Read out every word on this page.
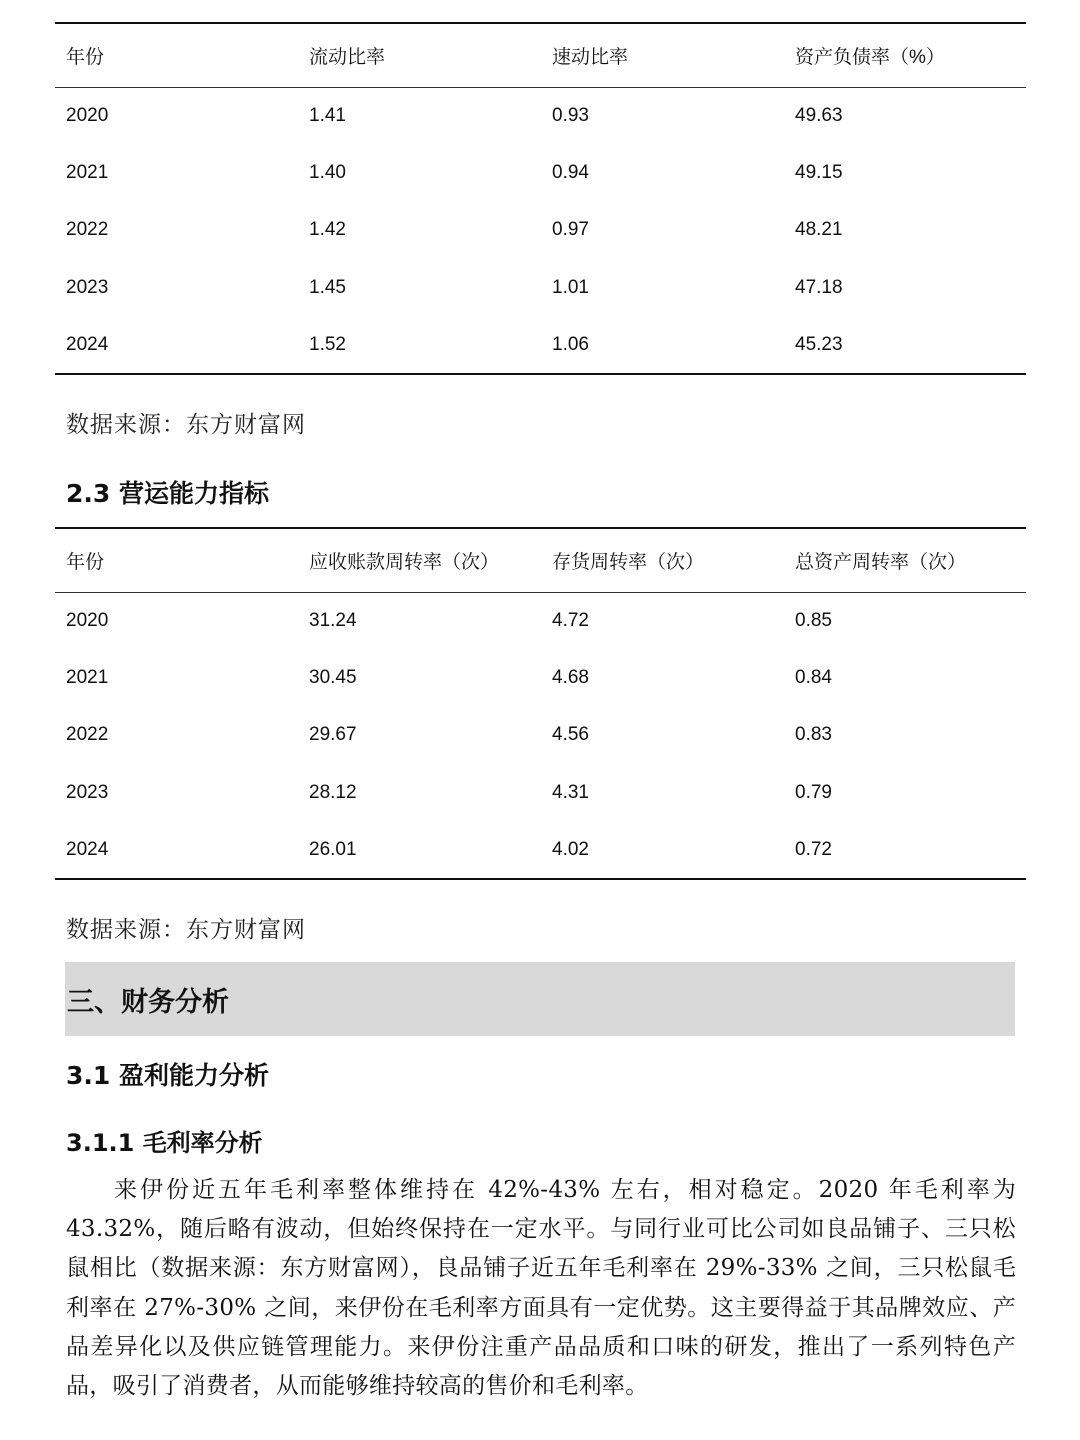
年份	流动比率	速动比率	资产负债率（%）
2020	1.41	0.93	49.63
2021	1.40	0.94	49.15
2022	1.42	0.97	48.21
2023	1.45	1.01	47.18
2024	1.52	1.06	45.23
数据来源：东方财富网
2.3 营运能力指标
年份	应收账款周转率（次）	存货周转率（次）	总资产周转率（次）
2020	31.24	4.72	0.85
2021	30.45	4.68	0.84
2022	29.67	4.56	0.83
2023	28.12	4.31	0.79
2024	26.01	4.02	0.72
数据来源：东方财富网
三、财务分析
3.1 盈利能力分析
3.1.1 毛利率分析
来伊份近五年毛利率整体维持在 42%-43% 左右，相对稳定。2020 年毛利率为 43.32%，随后略有波动，但始终保持在一定水平。与同行业可比公司如良品铺子、三只松鼠相比（数据来源：东方财富网），良品铺子近五年毛利率在 29%-33% 之间，三只松鼠毛利率在 27%-30% 之间，来伊份在毛利率方面具有一定优势。这主要得益于其品牌效应、产品差异化以及供应链管理能力。来伊份注重产品品质和口味的研发，推出了一系列特色产品，吸引了消费者，从而能够维持较高的售价和毛利率。
